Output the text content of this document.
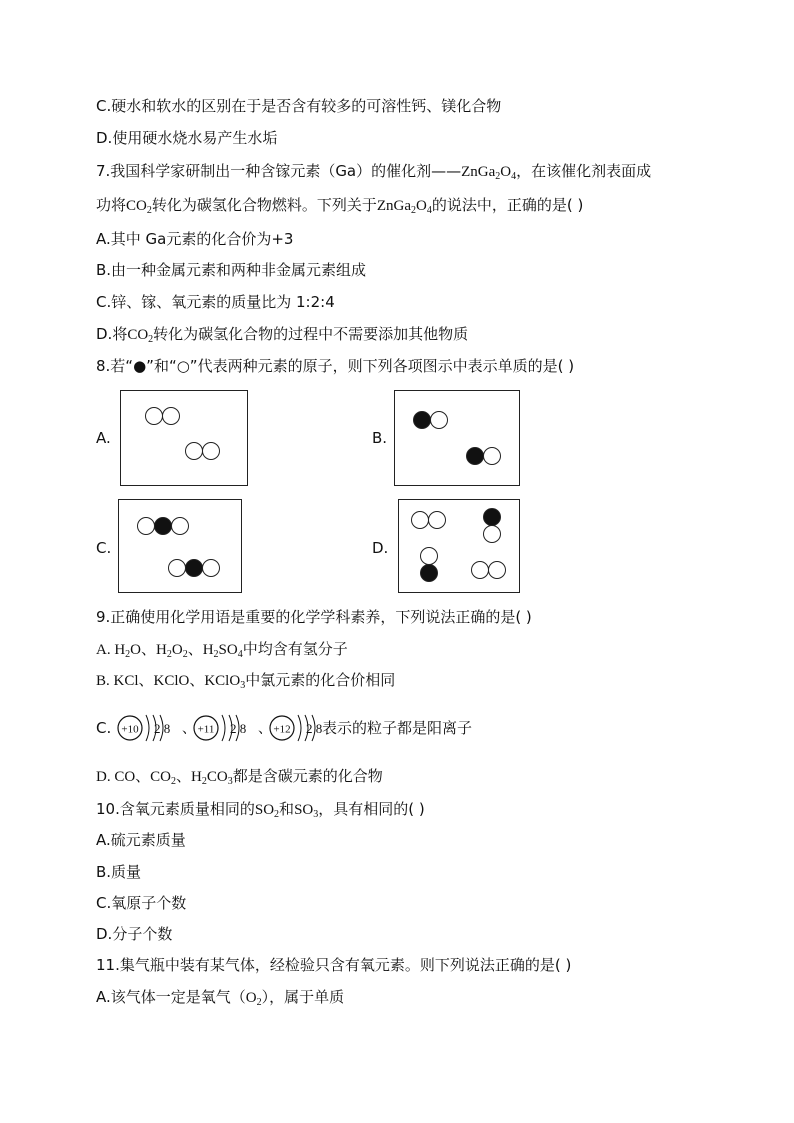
C.硬水和软水的区别在于是否含有较多的可溶性钙、镁化合物
D.使用硬水烧水易产生水垢
7.我国科学家研制出一种含镓元素（Ga）的催化剂$——ZnGa_2O_4$，在该催化剂表面成
功将$CO_2$转化为碳氢化合物燃料。下列关于$ZnGa_2O_4$的说法中，正确的是( )
A.其中 Ga元素的化合价为+3
B.由一种金属元素和两种非金属元素组成
C.锌、镓、氧元素的质量比为 1:2:4
D.将$CO_2$转化为碳氢化合物的过程中不需要添加其他物质
8.若“●”和“○”代表两种元素的原子，则下列各项图示中表示单质的是( )
A.	B.
C.	D.
9.正确使用化学用语是重要的化学学科素养，下列说法正确的是( )
A. $H_2O$、$H_2O_2$、$H_2SO_4$中均含有氢分子
B. KCl、KClO、KClO$_3$中氯元素的化合价相同
C. +10 2 8 、 +11 2 8 、 +12 2 8 表示的粒子都是阳离子
D. CO、$CO_2$、$H_2CO_3$都是含碳元素的化合物
10.含氧元素质量相同的$SO_2$和$SO_3$，具有相同的( )
A.硫元素质量
B.质量
C.氧原子个数
D.分子个数
11.集气瓶中装有某气体，经检验只含有氧元素。则下列说法正确的是( )
A.该气体一定是氧气$(O_2)$，属于单质
